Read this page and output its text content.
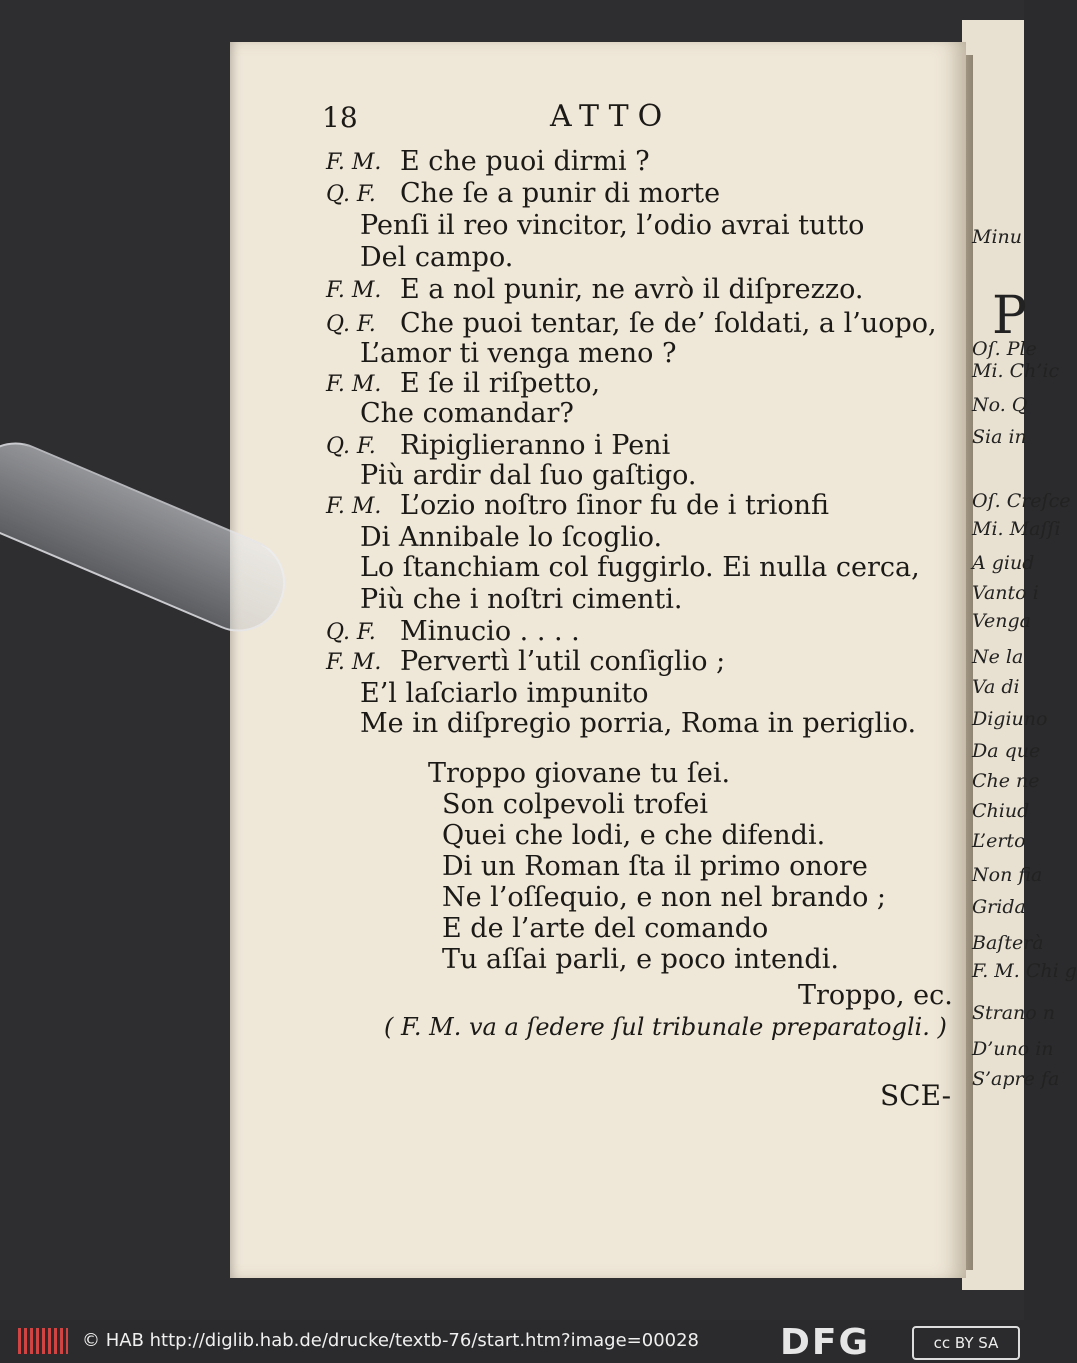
18	ATTO
F. M. E che puoi dirmi ?
Q. F. Che ſe a punir di morte
Penſi il reo vincitor, l’odio avrai tutto
Del campo.
F. M. E a nol punir, ne avrò il diſprezzo.
Q. F. Che puoi tentar, ſe de’ ſoldati, a l’uopo,
L’amor ti venga meno ?
F. M. E ſe il riſpetto,
Che comandar?
Q. F. Ripiglieranno i Peni
Più ardir dal ſuo gaſtigo.
F. M. L’ozio noſtro ſinor fu de i trionfi
Di Annibale lo ſcoglio.
Lo ſtanchiam col fuggirlo. Ei nulla cerca,
Più che i noſtri cimenti.
Q. F. Minucio . . . .
F. M. Pervertì l’util conſiglio ;
E’l laſciarlo impunito
Me in diſpregio porria, Roma in periglio.
Troppo giovane tu ſei.
Son colpevoli trofei
Quei che lodi, e che difendi.
Di un Roman ſta il primo onore
Ne l’oſſequio, e non nel brando ;
E de l’arte del comando
Tu aſſai parli, e poco intendi.
Troppo, ec.
( F. M. va a ſedere ſul tribunale preparatogli. )
SCE-
Minu
P
Oſ. Ple
Mi. Ch’ic
No. Q
Sia in
Oſ. Creſce
Mi. Maſſi
A giud
Vanto i
Venga
Ne la
Va di
Digiuno
Da que
Che ne
Chiud
L’erto
Non fia
Grida
Baſterà
F. M. Chi g
Strano n
D’uno in
S’apre fa
© HAB http://diglib.hab.de/drucke/textb-76/start.htm?image=00028 DFG	cc BY SA
